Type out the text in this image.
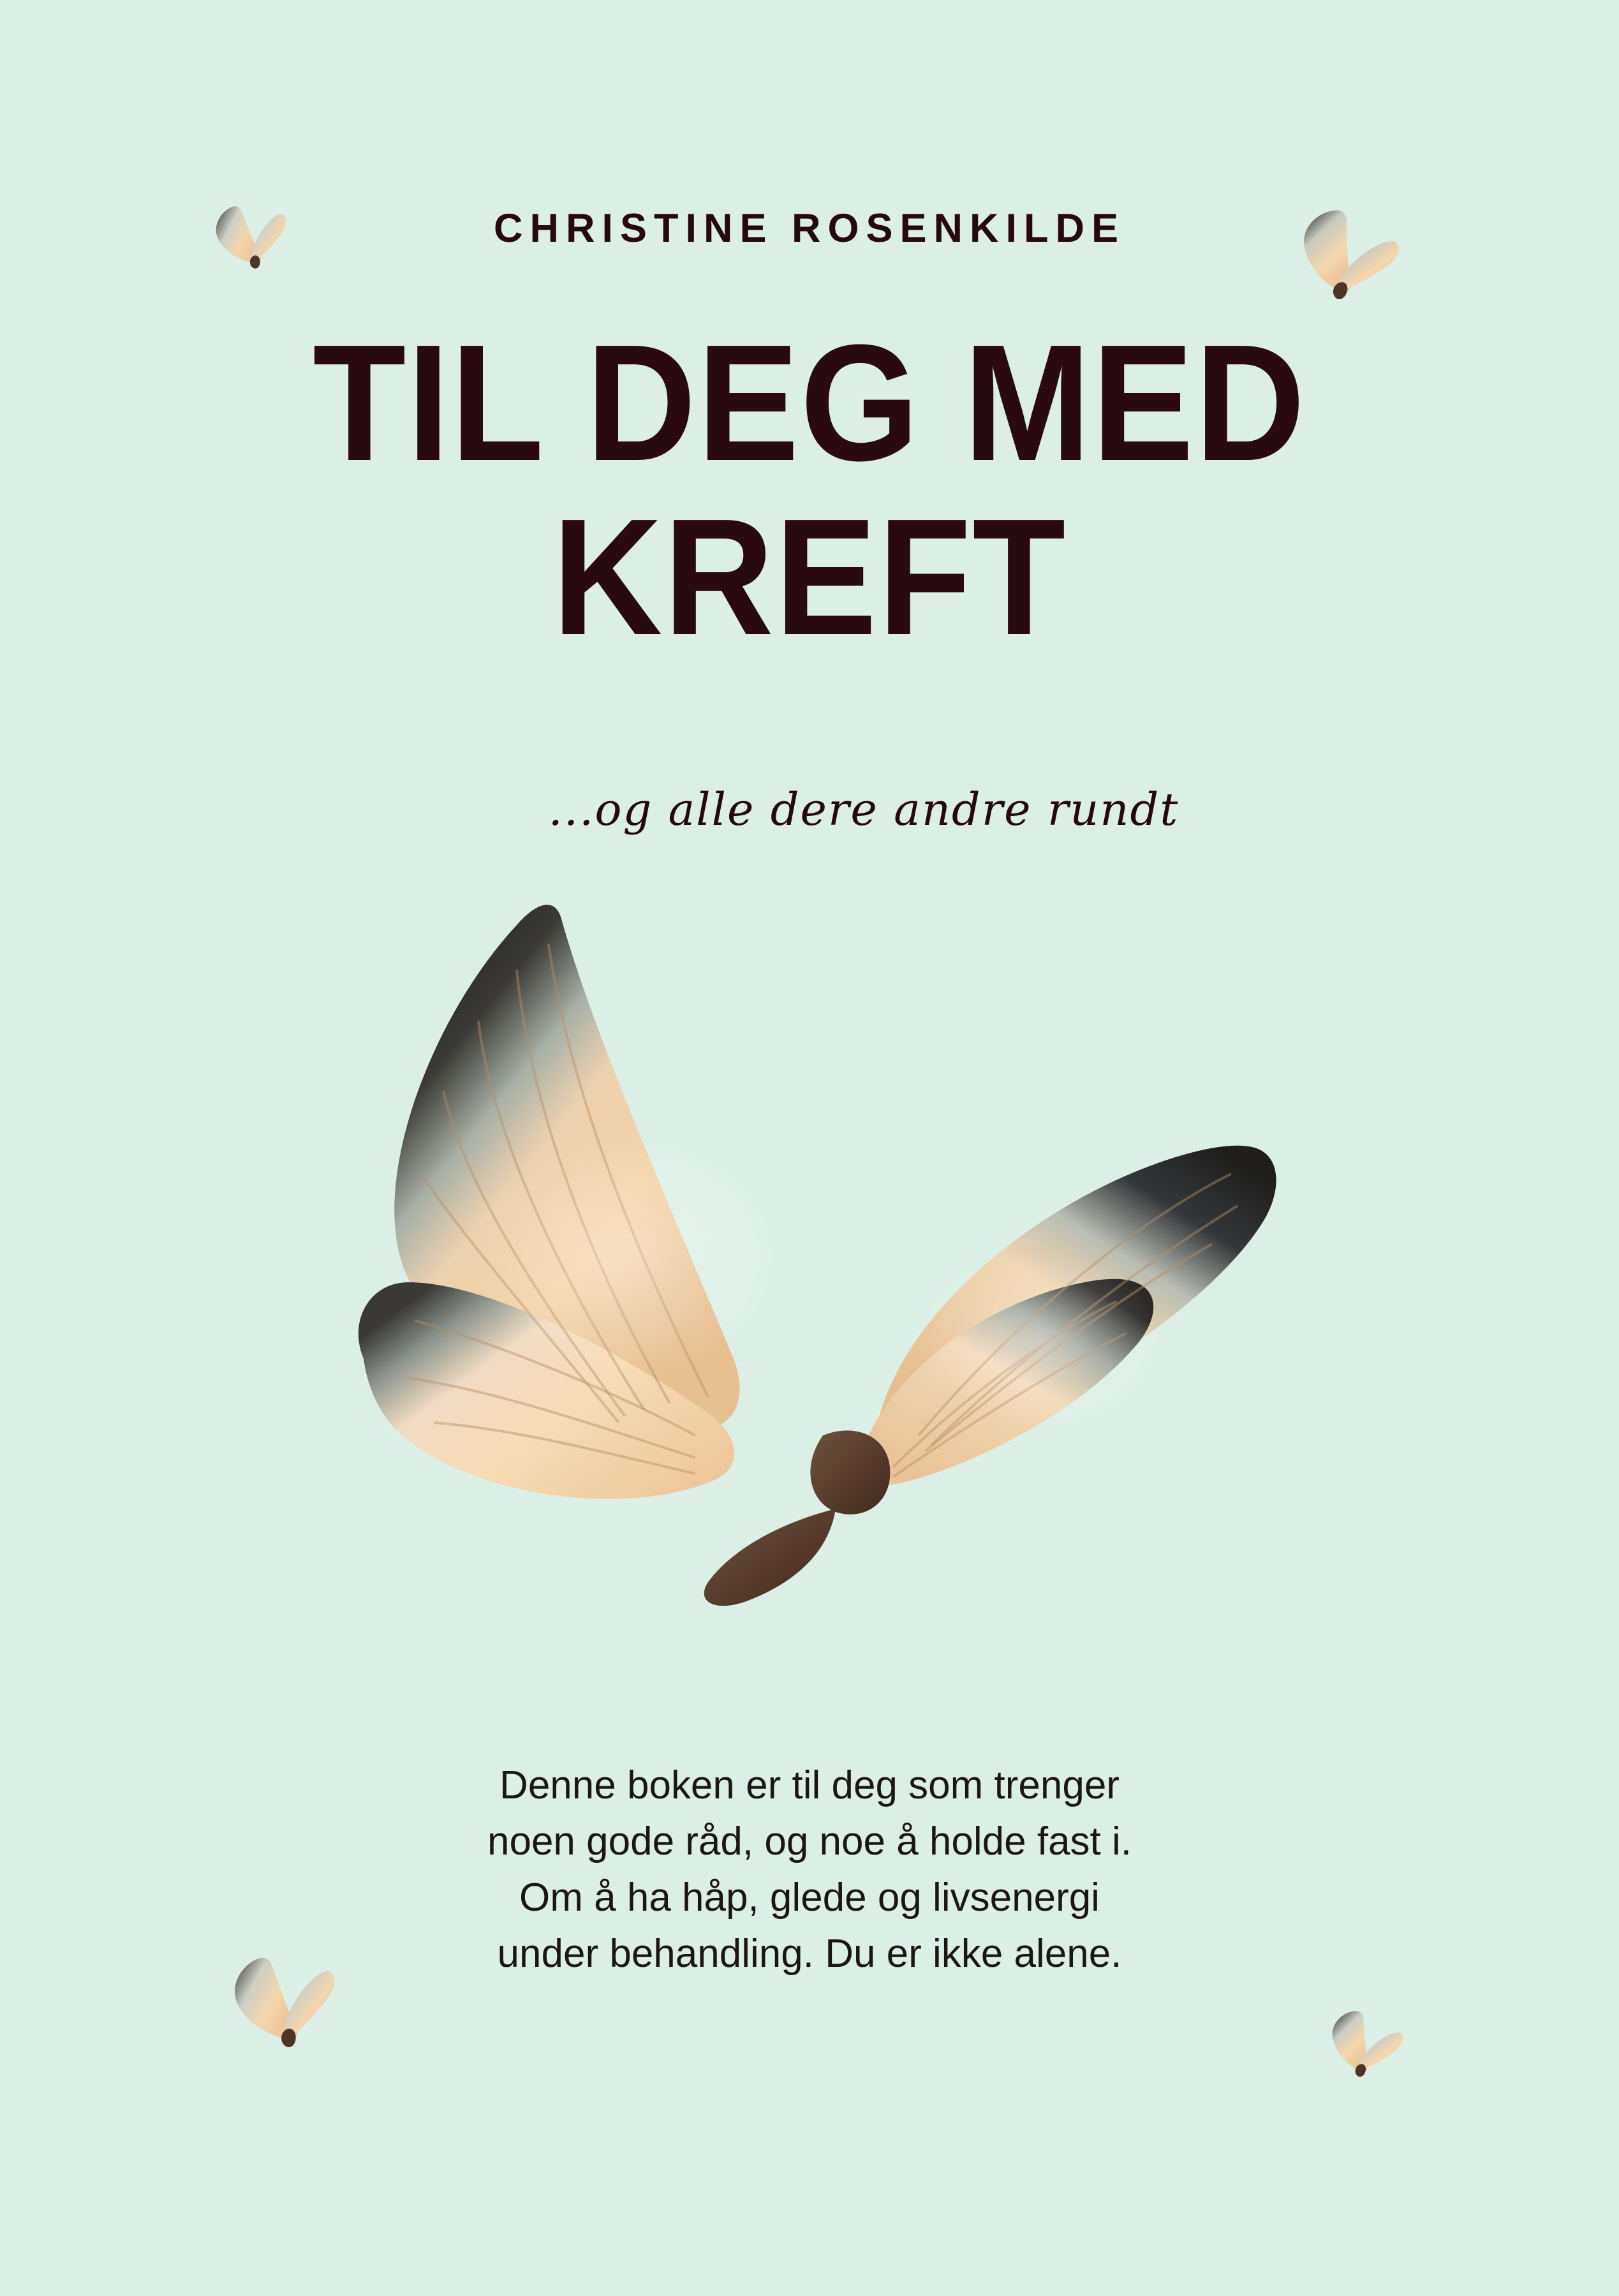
CHRISTINE ROSENKILDE
TIL DEG MED
KREFT
...og alle dere andre rundt
Denne boken er til deg som trenger
noen gode råd, og noe å holde fast i.
Om å ha håp, glede og livsenergi
under behandling. Du er ikke alene.
